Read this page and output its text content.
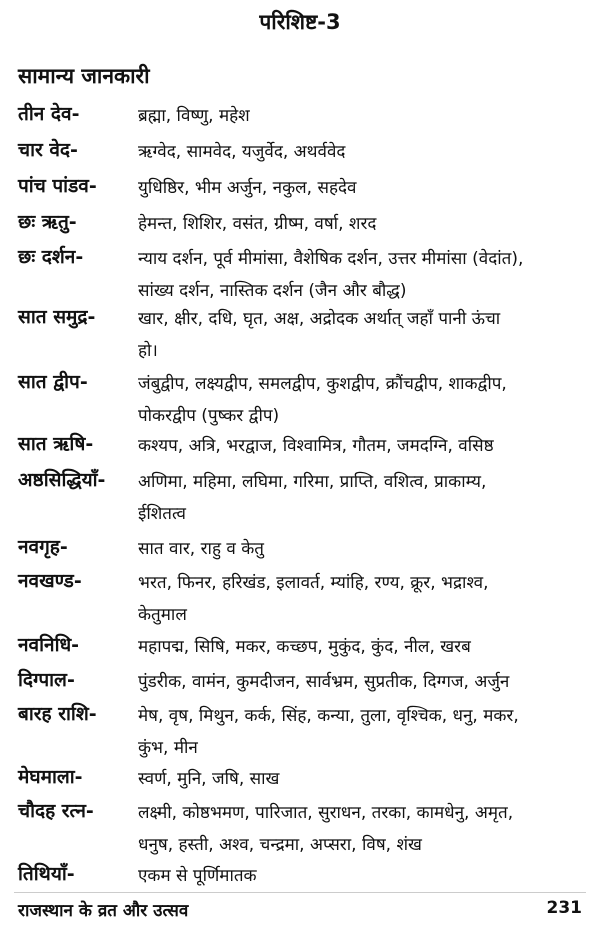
परिशिष्ट-3
सामान्य जानकारी
तीन देव-	ब्रह्मा, विष्णु, महेश
चार वेद-	ऋग्वेद, सामवेद, यजुर्वेद, अथर्ववेद
पांच पांडव-	युधिष्ठिर, भीम अर्जुन, नकुल, सहदेव
छः ऋतु-	हेमन्त, शिशिर, वसंत, ग्रीष्म, वर्षा, शरद
छः दर्शन-	न्याय दर्शन, पूर्व मीमांसा, वैशेषिक दर्शन, उत्तर मीमांसा (वेदांत),
सांख्य दर्शन, नास्तिक दर्शन (जैन और बौद्ध)
सात समुद्र-	खार, क्षीर, दधि, घृत, अक्ष, अद्रोदक अर्थात् जहाँ पानी ऊंचा
हो।
सात द्वीप-	जंबुद्वीप, लक्ष्यद्वीप, समलद्वीप, कुशद्वीप, क्रौंचद्वीप, शाकद्वीप,
पोकरद्वीप (पुष्कर द्वीप)
सात ऋषि-	कश्यप, अत्रि, भरद्वाज, विश्वामित्र, गौतम, जमदग्नि, वसिष्ठ
अष्ठसिद्धियाँ-	अणिमा, महिमा, लघिमा, गरिमा, प्राप्ति, वशित्व, प्राकाम्य,
ईशितत्व
नवगृह-	सात वार, राहु व केतु
नवखण्ड-	भरत, फिनर, हरिखंड, इलावर्त, म्यांहि, रण्य, क्रूर, भद्राश्व,
केतुमाल
नवनिधि-	महापद्म, सिषि, मकर, कच्छप, मुकुंद, कुंद, नील, खरब
दिग्पाल-	पुंडरीक, वामंन, कुमदीजन, सार्वभ्रम, सुप्रतीक, दिग्गज, अर्जुन
बारह राशि-	मेष, वृष, मिथुन, कर्क, सिंह, कन्या, तुला, वृश्चिक, धनु, मकर,
कुंभ, मीन
मेघमाला-	स्वर्ण, मुनि, जषि, साख
चौदह रत्न-	लक्ष्मी, कोष्ठभमण, पारिजात, सुराधन, तरका, कामधेनु, अमृत,
धनुष, हस्ती, अश्व, चन्द्रमा, अप्सरा, विष, शंख
तिथियाँ-	एकम से पूर्णिमातक
राजस्थान के व्रत और उत्सव	231
